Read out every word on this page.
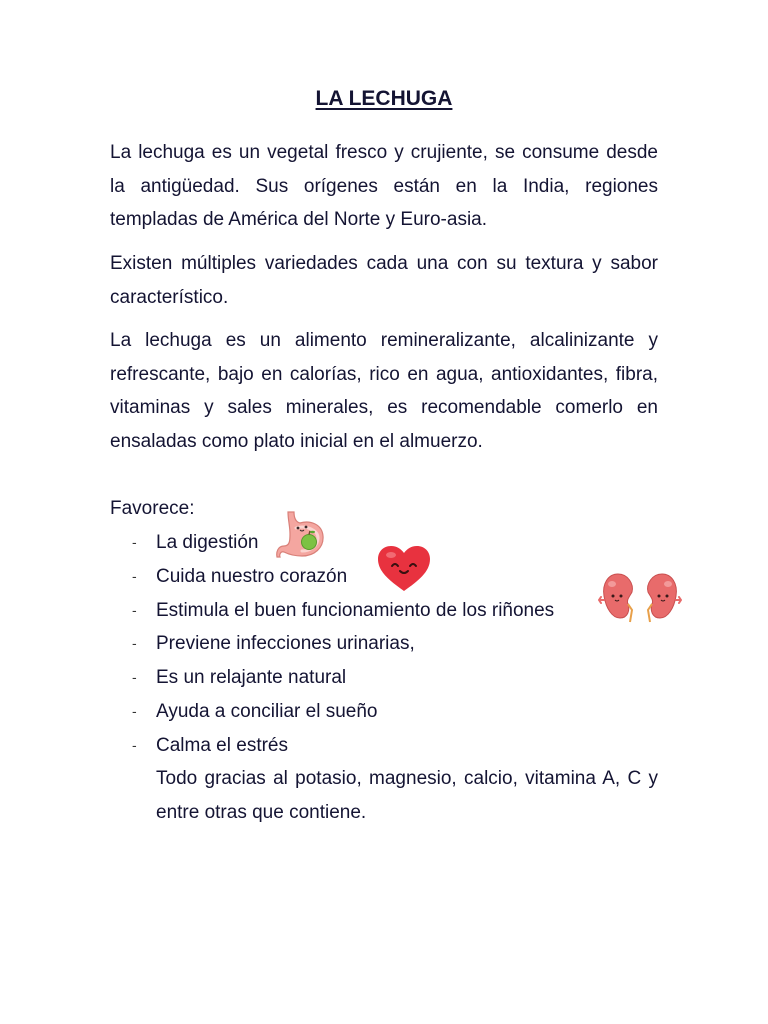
LA LECHUGA

La lechuga es un vegetal fresco y crujiente, se consume desde la antigüedad. Sus orígenes están en la India, regiones templadas de América del Norte y Euro-asia.

Existen múltiples variedades cada una con su textura y sabor característico.

La lechuga es un alimento remineralizante, alcalinizante y refrescante, bajo en calorías, rico en agua, antioxidantes, fibra, vitaminas y sales minerales, es recomendable comerlo en ensaladas como plato inicial en el almuerzo.

Favorece:

- La digestión
- Cuida nuestro corazón
- Estimula el buen funcionamiento de los riñones
- Previene infecciones urinarias,
- Es un relajante natural
- Ayuda a conciliar el sueño
- Calma el estrés

Todo gracias al potasio, magnesio, calcio, vitamina A, C y entre otras que contiene.
